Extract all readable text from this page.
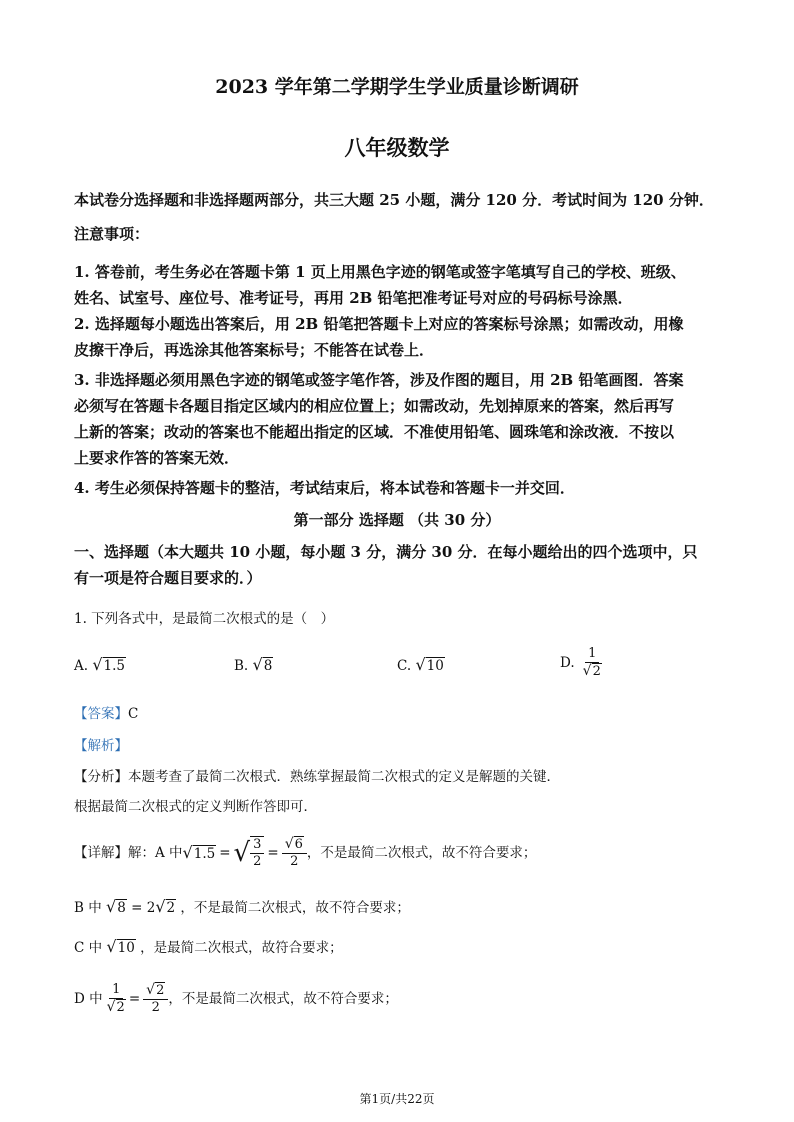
2023 学年第二学期学生学业质量诊断调研
八年级数学
本试卷分选择题和非选择题两部分，共三大题 25 小题，满分 120 分．考试时间为 120 分钟．
注意事项：
1. 答卷前，考生务必在答题卡第 1 页上用黑色字迹的钢笔或签字笔填写自己的学校、班级、
姓名、试室号、座位号、准考证号，再用 2B 铅笔把准考证号对应的号码标号涂黑．
2. 选择题每小题选出答案后，用 2B 铅笔把答题卡上对应的答案标号涂黑；如需改动，用橡
皮擦干净后，再选涂其他答案标号；不能答在试卷上．
3. 非选择题必须用黑色字迹的钢笔或签字笔作答，涉及作图的题目，用 2B 铅笔画图．答案
必须写在答题卡各题目指定区域内的相应位置上；如需改动，先划掉原来的答案，然后再写
上新的答案；改动的答案也不能超出指定的区域．不准使用铅笔、圆珠笔和涂改液．不按以
上要求作答的答案无效．
4. 考生必须保持答题卡的整洁，考试结束后，将本试卷和答题卡一并交回．
第一部分 选择题 （共 30 分）
一、选择题（本大题共 10 小题，每小题 3 分，满分 30 分．在每小题给出的四个选项中，只
有一项是符合题目要求的．）
1. 下列各式中，是最简二次根式的是（　）
A. √1.5	B. √8	C. √10	D. $\frac{1}{√2}$
【答案】C
【解析】
【分析】本题考查了最简二次根式．熟练掌握最简二次根式的定义是解题的关键．
根据最简二次根式的定义判断作答即可．
【详解】 解：A 中 √1.5 = √ $\frac{3}{2} = \frac{√6}{2}$ ，不是最简二次根式，故不符合要求；
B 中 √8 = 2√2 ，不是最简二次根式，故不符合要求；
C 中 √10 ，是最简二次根式，故符合要求；
D 中 $\frac{1}{√2} = \frac{√2}{2}$ ，不是最简二次根式，故不符合要求；
第1页/共22页
